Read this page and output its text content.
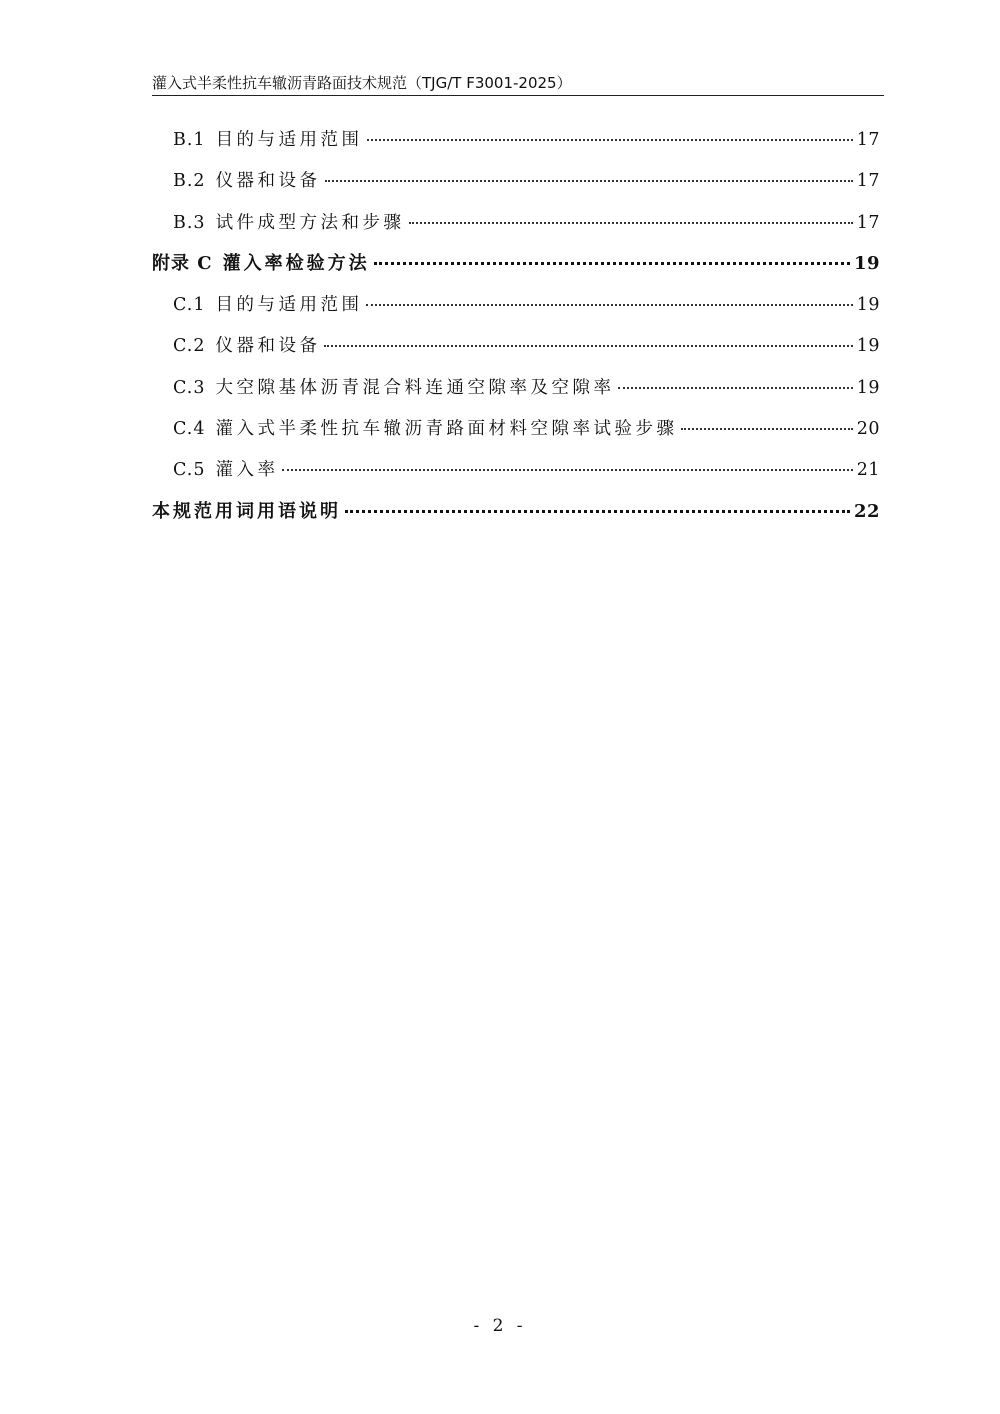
灌入式半柔性抗车辙沥青路面技术规范（TJG/T F3001-2025）
B.1 目的与适用范围	17
B.2 仪器和设备	17
B.3 试件成型方法和步骤	17
附录 C 灌入率检验方法	19
C.1 目的与适用范围	19
C.2 仪器和设备	19
C.3 大空隙基体沥青混合料连通空隙率及空隙率	19
C.4 灌入式半柔性抗车辙沥青路面材料空隙率试验步骤	20
C.5 灌入率	21
本规范用词用语说明	22
- 2 -
